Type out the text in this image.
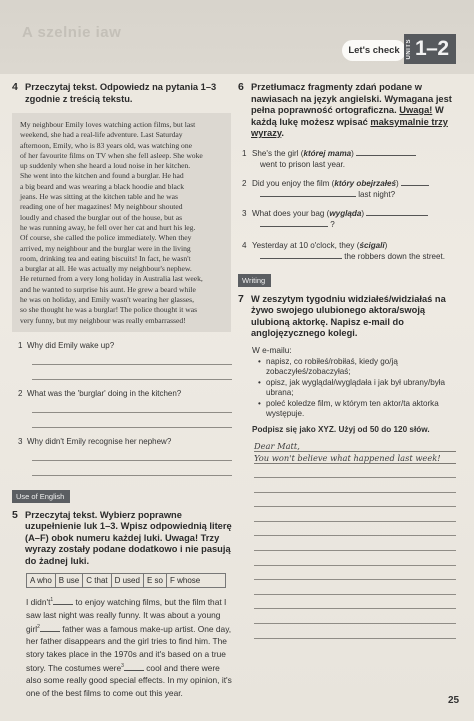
A szelnie iaw
Let's check	UNITS 1–2
4 Przeczytaj tekst. Odpowiedz na pytania 1–3 zgodnie z treścią tekstu.
My neighbour Emily loves watching action films, but last
weekend, she had a real-life adventure. Last Saturday
afternoon, Emily, who is 83 years old, was watching one
of her favourite films on TV when she fell asleep. She woke
up suddenly when she heard a loud noise in her kitchen.
She went into the kitchen and found a burglar. He had
a big beard and was wearing a black hoodie and black
jeans. He was sitting at the kitchen table and he was
reading one of her magazines! My neighbour shouted
loudly and chased the burglar out of the house, but as
he was running away, he fell over her cat and hurt his leg.
Of course, she called the police immediately. When they
arrived, my neighbour and the burglar were in the living
room, drinking tea and eating biscuits! In fact, he wasn't
a burglar at all. He was actually my neighbour's nephew.
He returned from a very long holiday in Australia last week,
and he wanted to surprise his aunt. He grew a beard while
he was on holiday, and Emily wasn't wearing her glasses,
so she thought he was a burglar! The police thought it was
very funny, but my neighbour was really embarrassed!
1 Why did Emily wake up?
2 What was the 'burglar' doing in the kitchen?
3 Why didn't Emily recognise her nephew?
Use of English
5 Przeczytaj tekst. Wybierz poprawne uzupełnienie luk 1–3. Wpisz odpowiednią literę (A–F) obok numeru każdej luki. Uwaga! Trzy wyrazy zostały podane dodatkowo i nie pasują do żadnej luki.
A who B use C that D used E so F whose
I $didn't^1$	to enjoy watching films, but the film that I saw last night was really funny. It was about a young girl$^2$	father was a famous make-up artist. One day, her father disappears and the girl tries to find him. The story takes place in the 1970s and it's based on a true story. The costumes were$^3$	cool and there were also some really good special effects. In my opinion, it's one of the best films to come out this year.
6 Przetłumacz fragmenty zdań podane w nawiasach na język angielski. Wymagana jest pełna poprawność ortograficzna. Uwaga! W każdą lukę możesz wpisać maksymalnie trzy wyrazy.
1 She's the girl (której mama)
went to prison last year.
2 Did you enjoy the film (który obejrzałeś)
last night?
3 What does your bag (wygląda)
?
4 Yesterday at 10 o'clock, they (ścigali)
the robbers down the street.
Writing
7 W zeszytym tygodniu widziałeś/widziałaś na żywo swojego ulubionego aktora/swoją ulubioną aktorkę. Napisz e-mail do anglojęzycznego kolegi.
W e-mailu:
• napisz, co robiłeś/robiłaś, kiedy go/ją zobaczyłeś/zobaczyłaś;
• opisz, jak wyglądał/wyglądała i jak był ubrany/była ubrana;
• poleć koledze film, w którym ten aktor/ta aktorka występuje.
Podpisz się jako XYZ. Użyj od 50 do 120 słów.
Dear Matt,
You won't believe what happened last week!
25
